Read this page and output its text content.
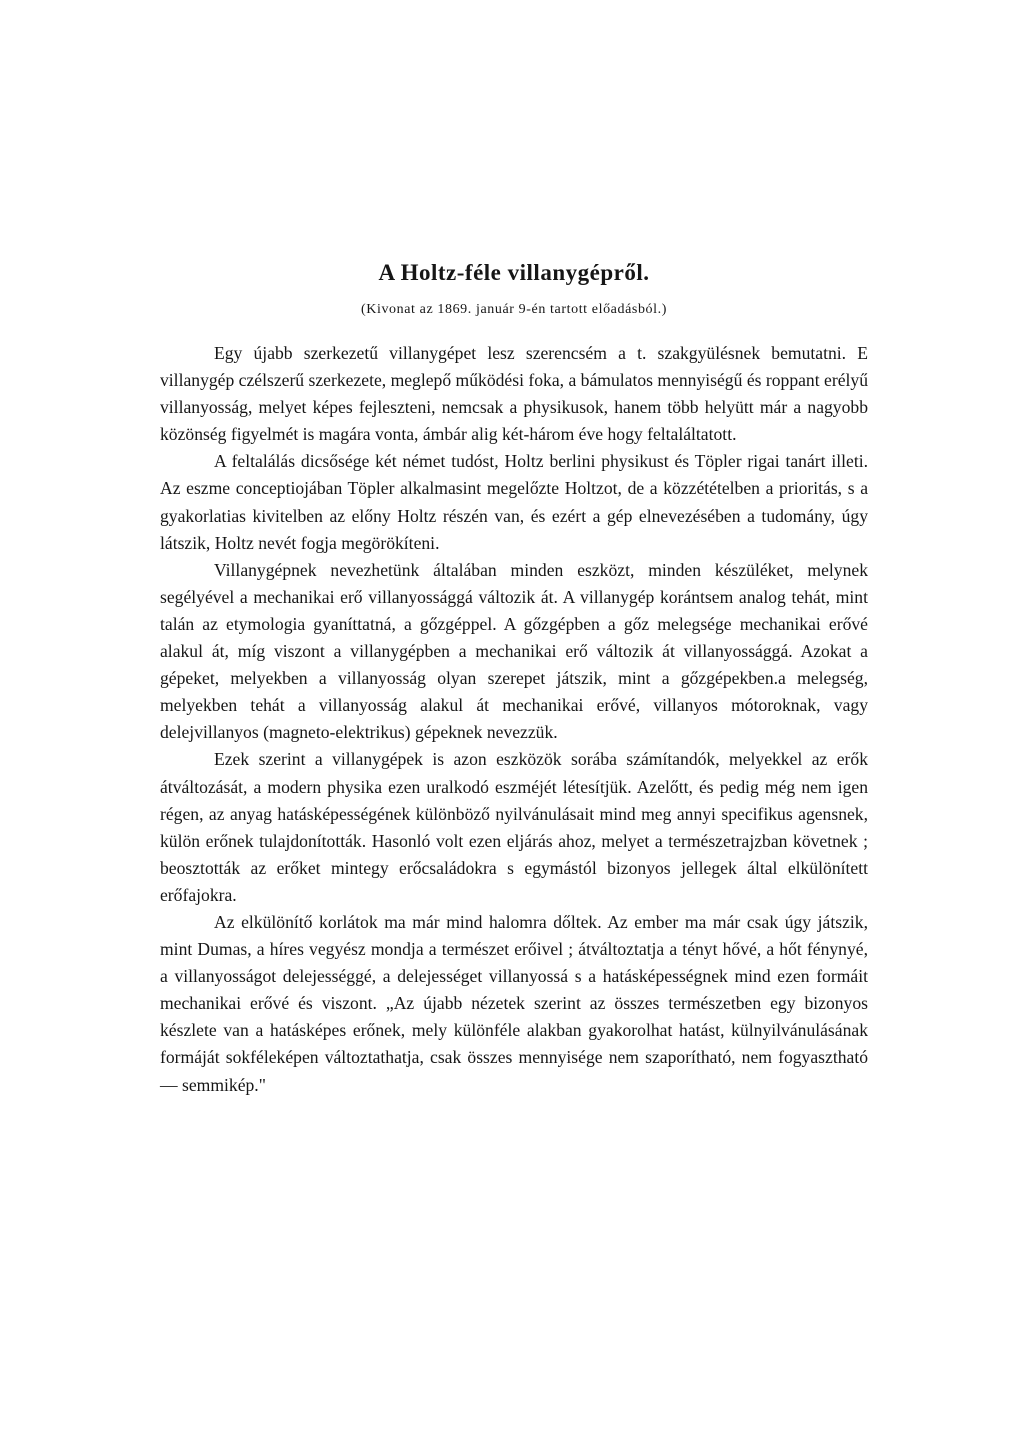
A Holtz-féle villanygépről.
(Kivonat az 1869. január 9-én tartott előadásból.)

Egy újabb szerkezetű villanygépet lesz szerencsém a t. szakgyülésnek bemutatni. E villanygép czélszerű szerkezete, meglepő működési foka, a bámulatos mennyiségű és roppant erélyű villanyosság, melyet képes fejleszteni, nemcsak a physikusok, hanem több helyütt már a nagyobb közönség figyelmét is magára vonta, ámbár alig két-három éve hogy feltaláltatott.

A feltalálás dicsősége két német tudóst, Holtz berlini physikust és Töpler rigai tanárt illeti. Az eszme conceptiojában Töpler alkalmasint megelőzte Holtzot, de a közzétételben a prioritás, s a gyakorlatias kivitelben az előny Holtz részén van, és ezért a gép elnevezésében a tudomány, úgy látszik, Holtz nevét fogja megörökíteni.

Villanygépnek nevezhetünk általában minden eszközt, minden készüléket, melynek segélyével a mechanikai erő villanyossággá változik át. A villanygép korántsem analog tehát, mint talán az etymologia gyaníttatná, a gőzgéppel. A gőzgépben a gőz melegsége mechanikai erővé alakul át, míg viszont a villanygépben a mechanikai erő változik át villanyossággá. Azokat a gépeket, melyekben a villanyosság olyan szerepet játszik, mint a gőzgépekben.a melegség, melyekben tehát a villanyosság alakul át mechanikai erővé, villanyos mótoroknak, vagy delejvillanyos (magneto-elektrikus) gépeknek nevezzük.

Ezek szerint a villanygépek is azon eszközök sorába számítandók, melyekkel az erők átváltozását, a modern physika ezen uralkodó eszméjét létesítjük. Azelőtt, és pedig még nem igen régen, az anyag hatásképességének különböző nyilvánulásait mind meg annyi specifikus agensnek, külön erőnek tulajdonították. Hasonló volt ezen eljárás ahoz, melyet a természetrajzban követnek ; beosztották az erőket mintegy erőcsaládokra s egymástól bizonyos jellegek által elkülönített erőfajokra.

Az elkülönítő korlátok ma már mind halomra dőltek. Az ember ma már csak úgy játszik, mint Dumas, a híres vegyész mondja a természet erőivel ; átváltoztatja a tényt hővé, a hőt fénynyé, a villanyosságot delejességgé, a delejességet villanyossá s a hatásképességnek mind ezen formáit mechanikai erővé és viszont. „Az újabb nézetek szerint az összes természetben egy bizonyos készlete van a hatásképes erőnek, mely különféle alakban gyakorolhat hatást, külnyilvánulásának formáját sokféleképen változtathatja, csak összes mennyisége nem szaporítható, nem fogyasztható — semmikép."
